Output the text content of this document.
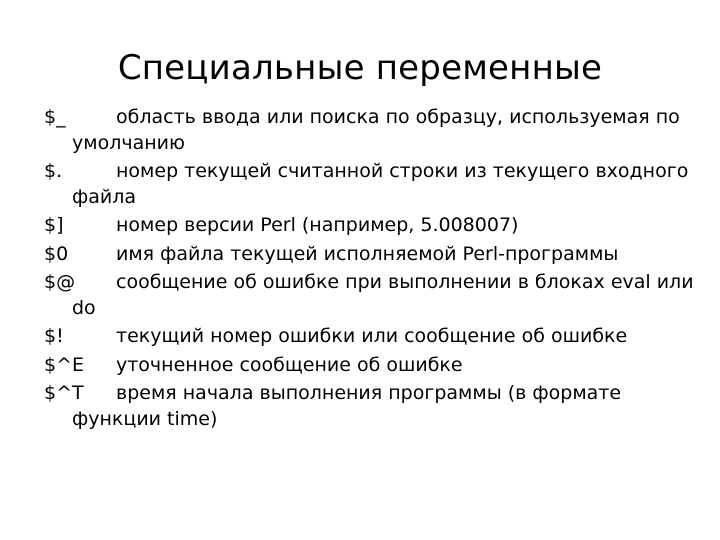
Специальные переменные
$_	область ввода или поиска по образцу, используемая по умолчанию
$.	номер текущей считанной строки из текущего входного файла
$]	номер версии Perl (например, 5.008007)
$0	имя файла текущей исполняемой Perl-программы
$@ сообщение об ошибке при выполнении в блоках eval или do
$!	текущий номер ошибки или сообщение об ошибке
$^E уточненное сообщение об ошибке
$^T время начала выполнения программы (в формате функции time)
